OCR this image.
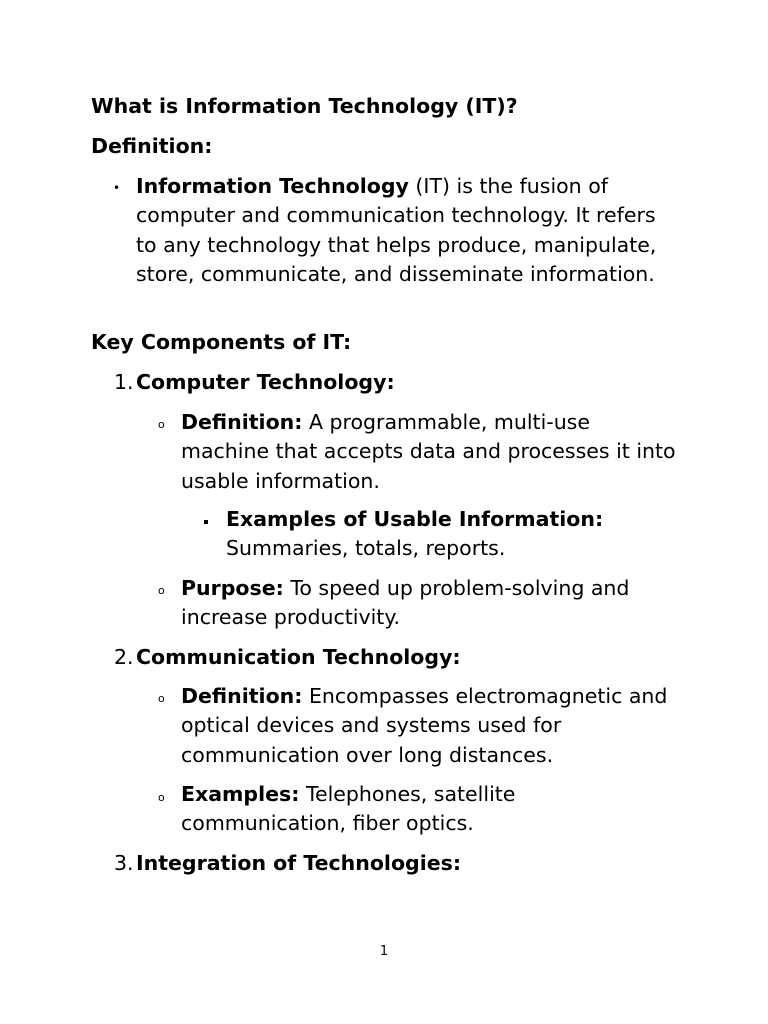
What is Information Technology (IT)?
Definition:
• Information Technology (IT) is the fusion of computer and communication technology. It refers to any technology that helps produce, manipulate, store, communicate, and disseminate information.
Key Components of IT:
1. Computer Technology:
o Definition: A programmable, multi-use machine that accepts data and processes it into usable information.
Examples of Usable Information:
Summaries, totals, reports.
o Purpose: To speed up problem-solving and increase productivity.
2. Communication Technology:
o Definition: Encompasses electromagnetic and optical devices and systems used for communication over long distances.
o Examples: Telephones, satellite communication, fiber optics.
3. Integration of Technologies:
1
